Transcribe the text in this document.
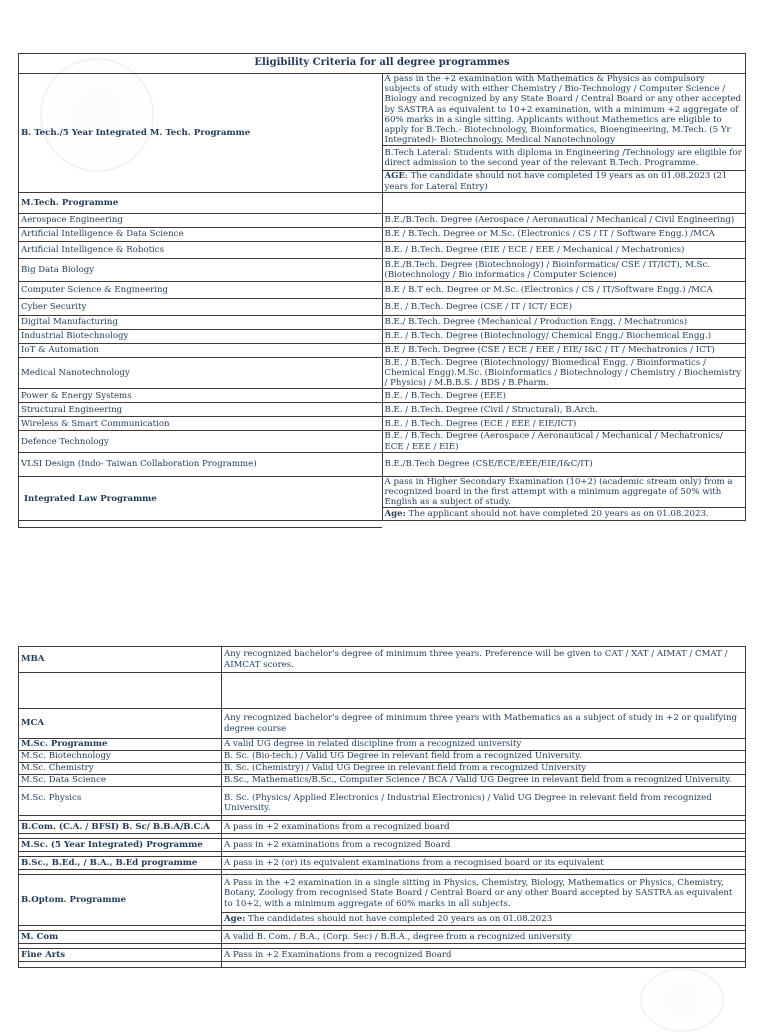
Eligibility Criteria for all degree programmes	
B. Tech./5 Year Integrated M. Tech. Programme	A pass in the +2 examination with Mathematics & Physics as compulsory subjects of study with either Chemistry / Bio-Technology / Computer Science / Biology and recognized by any State Board / Central Board or any other accepted by SASTRA as equivalent to 10+2 examination, with a minimum +2 aggregate of 60% marks in a single sitting. Applicants without Mathemetics are eligible to apply for B.Tech.- Biotechnology, Bioinformatics, Bioengineering, M.Tech. (5 Yr Integrated)- Biotechnology, Medical Nanotechnology
	B.Tech Lateral: Students with diploma in Engineering /Technology are eligible for direct admission to the second year of the relevant B.Tech. Programme.
	AGE: The candidate should not have completed 19 years as on 01.08.2023 (21 years for Lateral Entry)
M.Tech. Programme	
Aerospace Engineering	B.E./B.Tech. Degree (Aerospace / Aeronautical / Mechanical / Civil Engineering)
Artificial Intelligence & Data Science	B.E / B.Tech. Degree or M.Sc. (Electronics / CS / IT / Software Engg.) /MCA
Artificial Intelligence & Robotics	B.E. / B.Tech. Degree (EIE / ECE / EEE / Mechanical / Mechatronics)
Big Data Biology	B.E./B.Tech. Degree (Biotechnology) / Bioinformatics/ CSE / IT/ICT), M.Sc.(Biotechnology / Bio informatics / Computer Science)
Computer Science & Engineering	B.E / B.T ech. Degree or M.Sc. (Electronics / CS / IT/Software Engg.) /MCA
Cyber Security	B.E. / B.Tech. Degree (CSE / IT / ICT/ ECE)
Digital Manufacturing	B.E./ B.Tech. Degree (Mechanical / Production Engg. / Mechatronics)
Industrial Biotechnology	B.E. / B.Tech. Degree (Biotechnology/ Chemical Engg./ Biochemical Engg.)
IoT & Automation	B.E / B.Tech. Degree (CSE / ECE / EEE / EIE/ I&C / IT / Mechatronics / ICT)
Medical Nanotechnology	B.E. / B.Tech. Degree (Biotechnology/ Biomedical Engg. / Bioinformatics / Chemical Engg).M.Sc. (Bioinformatics / Biotechnology / Chemistry / Biochemistry / Physics) / M.B.B.S. / BDS / B.Pharm.
Power & Energy Systems	B.E. / B.Tech. Degree (EEE)
Structural Engineering	B.E. / B.Tech. Degree (Civil / Structural), B.Arch.
Wireless & Smart Communication	B.E. / B.Tech. Degree (ECE / EEE / EIE/ICT)
Defence Technology	B.E. / B.Tech. Degree (Aerospace / Aeronautical / Mechanical / Mechatronics/ ECE / EEE / EIE)
VLSI Design (Indo- Taiwan Collaboration Programme)	B.E./B.Tech Degree (CSE/ECE/EEE/EIE/I&C/IT)
Integrated Law Programme	A pass in Higher Secondary Examination (10+2) (academic stream only) from a recognized board in the first attempt with a minimum aggregate of 50% with English as a subject of study.
	Age: The applicant should not have completed 20 years as on 01.08.2023.

MBA	Any recognized bachelor's degree of minimum three years. Preference will be given to CAT / XAT / AIMAT / CMAT / AIMCAT scores.

MCA	Any recognized bachelor's degree of minimum three years with Mathematics as a subject of study in +2 or qualifying degree course
M.Sc. Programme	A valid UG degree in related discipline from a recognized university
M.Sc. Biotechnology	B. Sc. (Bio-tech.) / Valid UG Degree in relevant field from a recognized University.
M.Sc. Chemistry	B. Sc. (Chemistry) / Valid UG Degree in relevant field from a recognized University
M.Sc. Data Science	B.Sc., Mathematics/B.Sc., Computer Science / BCA / Valid UG Degree in relevant field from a recognized University.
M.Sc. Physics	B. Sc. (Physics/ Applied Electronics / Industrial Electronics) / Valid UG Degree in relevant field from recognized University.

B.Com. (C.A. / BFSI) B. Sc/ B.B.A/B.C.A	A pass in +2 examinations from a recognized board

M.Sc. (5 Year Integrated) Programme	A pass in +2 examinations from a recognized Board

B.Sc., B.Ed., / B.A., B.Ed programme	A pass in +2 (or) its equivalent examinations from a recognised board or its equivalent

B.Optom. Programme	A Pass in the +2 examination in a single sitting in Physics, Chemistry, Biology, Mathematics or Physics, Chemistry, Botany, Zoology from recognised State Board / Central Board or any other Board accepted by SASTRA as equivalent to 10+2, with a minimum aggregate of 60% marks in all subjects.
	Age: The candidates should not have completed 20 years as on 01.08.2023

M. Com	A valid B. Com. / B.A., (Corp. Sec) / B.B.A., degree from a recognized university

Fine Arts	A Pass in +2 Examinations from a recognized Board
